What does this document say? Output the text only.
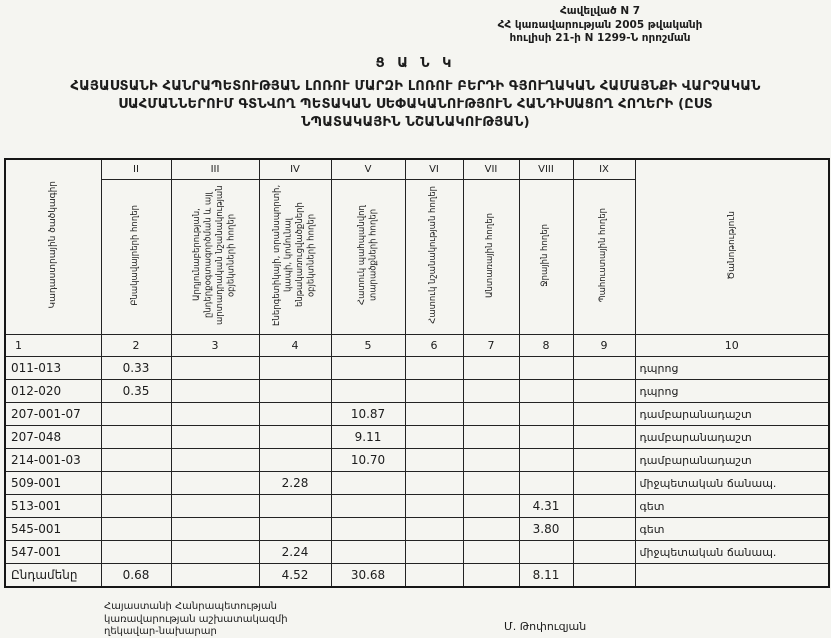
Հավելված N 7
ՀՀ կառավարության 2005 թվականի
հուլիսի 21-ի N 1299-Ն որոշման
Ց Ա Ն Կ
ՀԱՅԱՍՏԱՆԻ ՀԱՆՐԱՊԵՏՈՒԹՅԱՆ ԼՈՌՈՒ ՄԱՐԶԻ ԼՈՌՈՒ ԲԵՐԴԻ ԳՅՈՒՂԱԿԱՆ ՀԱՄԱՅՆՔԻ ՎԱՐՉԱԿԱՆ
ՍԱՀՄԱՆՆԵՐՈՒՄ ԳՏՆՎՈՂ ՊԵՏԱԿԱՆ ՍԵՓԱԿԱՆՈՒԹՅՈՒՆ ՀԱՆԴԻՍԱՑՈՂ ՀՈՂԵՐԻ (ԸՍՏ
ՆՊԱՏԱԿԱՅԻՆ ՆՇԱՆԱԿՈՒԹՅԱՆ)
Կադաստրային ծածկագիր	II	III	IV	V	VI	VII	VIII	IX	Ծանոթություն
	Բնակավայրերի հողեր	Արդյունաբերության, ընդերքօգտագործման և այլ արտադրական նշանակության օբյեկտների հողեր	Էներգետիկայի, տրանսպորտի, կապի, կոմունալ ենթակառուցվածքների օբյեկտների հողեր	Հատուկ պահպանվող տարածքների հողեր	Հատուկ նշանակության հողեր	Անտառային հողեր	Ջրային հողեր	Պահուստային հողեր	
1	2	3	4	5	6	7	8	9	10
011-013	0.33								դպրոց
012-020	0.35								դպրոց
207-001-07				10.87					դամբարանադաշտ
207-048				9.11					դամբարանադաշտ
214-001-03				10.70					դամբարանադաշտ
509-001			2.28						միջպետական ճանապ.
513-001							4.31		գետ
545-001							3.80		գետ
547-001			2.24						միջպետական ճանապ.
Ընդամենը	0.68		4.52	30.68			8.11		
Հայաստանի Հանրապետության
կառավարության աշխատակազմի
ղեկավար-նախարար	Մ. Թոփուզյան
